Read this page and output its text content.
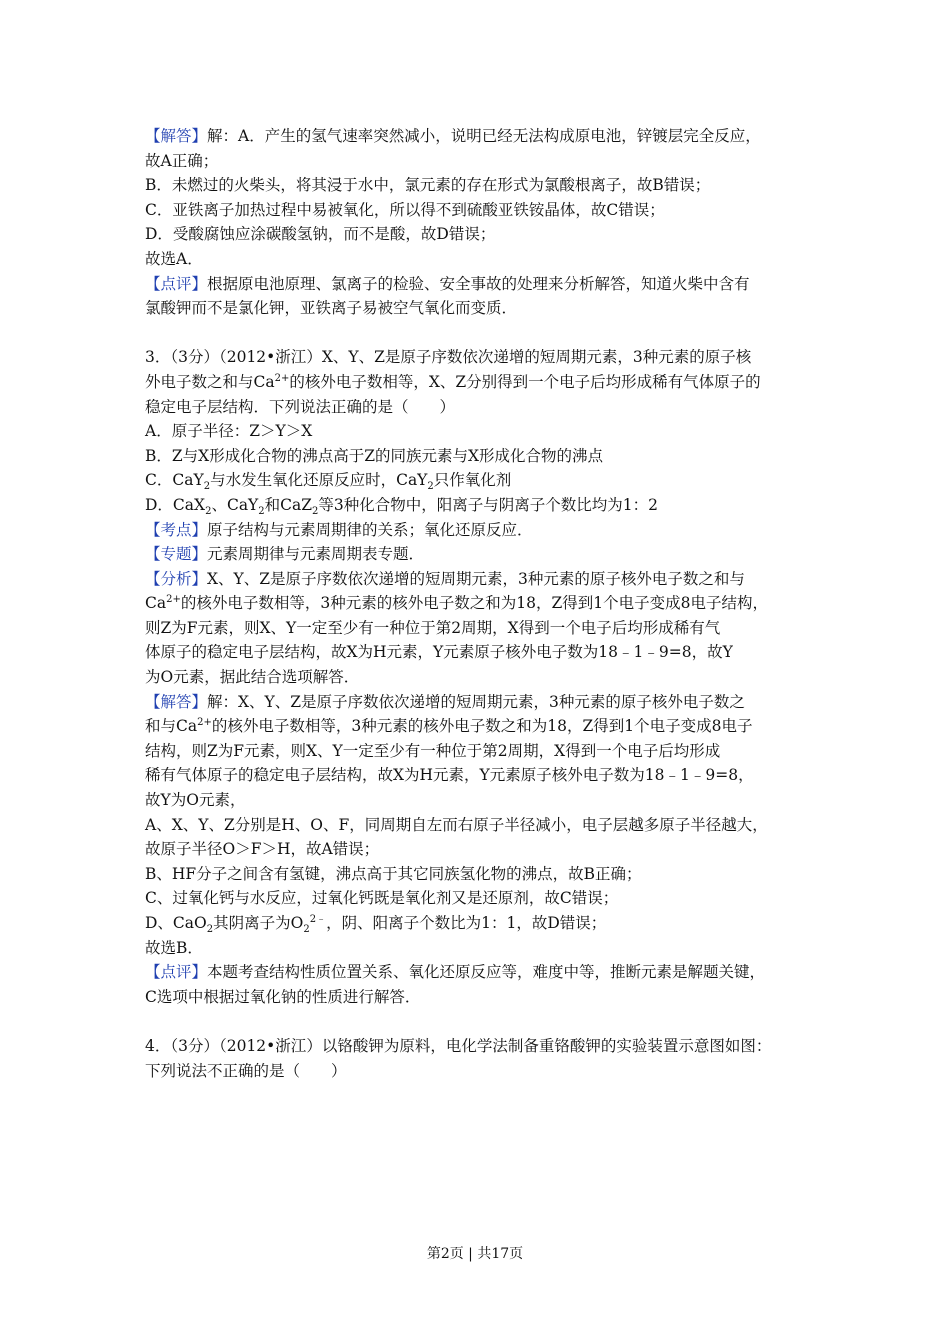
【解答】解：A．产生的氢气速率突然减小，说明已经无法构成原电池，锌镀层完全反应，
故A正确；
B．未燃过的火柴头，将其浸于水中，氯元素的存在形式为氯酸根离子，故B错误；
C．亚铁离子加热过程中易被氧化，所以得不到硫酸亚铁铵晶体，故C错误；
D．受酸腐蚀应涂碳酸氢钠，而不是酸，故D错误；
故选A．
【点评】根据原电池原理、氯离子的检验、安全事故的处理来分析解答，知道火柴中含有
氯酸钾而不是氯化钾，亚铁离子易被空气氧化而变质．
3．（3分）（2012•浙江）X、Y、Z是原子序数依次递增的短周期元素，3种元素的原子核
外电子数之和与$Ca^{2+}$的核外电子数相等，X、Z分别得到一个电子后均形成稀有气体原子的
稳定电子层结构．下列说法正确的是（　　）
A．原子半径：Z＞Y＞X
B．Z与X形成化合物的沸点高于Z的同族元素与X形成化合物的沸点
C．CaY$_2$与水发生氧化还原反应时，CaY$_2$只作氧化剂
D．CaX$_2$、CaY$_2$和CaZ$_2$等3种化合物中，阳离子与阴离子个数比均为1：2
【考点】原子结构与元素周期律的关系；氧化还原反应．
【专题】元素周期律与元素周期表专题．
【分析】X、Y、Z是原子序数依次递增的短周期元素，3种元素的原子核外电子数之和与
$Ca^{2+}$的核外电子数相等，3种元素的核外电子数之和为18，Z得到1个电子变成8电子结构，
则Z为F元素，则X、Y一定至少有一种位于第2周期，X得到一个电子后均形成稀有气
体原子的稳定电子层结构，故X为H元素，Y元素原子核外电子数为18﹣1﹣9=8，故Y
为O元素，据此结合选项解答．
【解答】解：X、Y、Z是原子序数依次递增的短周期元素，3种元素的原子核外电子数之
和与$Ca^{2+}$的核外电子数相等，3种元素的核外电子数之和为18，Z得到1个电子变成8电子
结构，则Z为F元素，则X、Y一定至少有一种位于第2周期，X得到一个电子后均形成
稀有气体原子的稳定电子层结构，故X为H元素，Y元素原子核外电子数为18﹣1﹣9=8，
故Y为O元素，
A、X、Y、Z分别是H、O、F，同周期自左而右原子半径减小，电子层越多原子半径越大，
故原子半径O＞F＞H，故A错误；
B、HF分子之间含有氢键，沸点高于其它同族氢化物的沸点，故B正确；
C、过氧化钙与水反应，过氧化钙既是氧化剂又是还原剂，故C错误；
D、CaO$_2$其阴离子为$O_2^{2﹣}$，阴、阳离子个数比为1：1，故D错误；
故选B．
【点评】本题考查结构性质位置关系、氧化还原反应等，难度中等，推断元素是解题关键，
C选项中根据过氧化钠的性质进行解答．
4．（3分）（2012•浙江）以铬酸钾为原料，电化学法制备重铬酸钾的实验装置示意图如图：
下列说法不正确的是（　　）
第2页 | 共17页
